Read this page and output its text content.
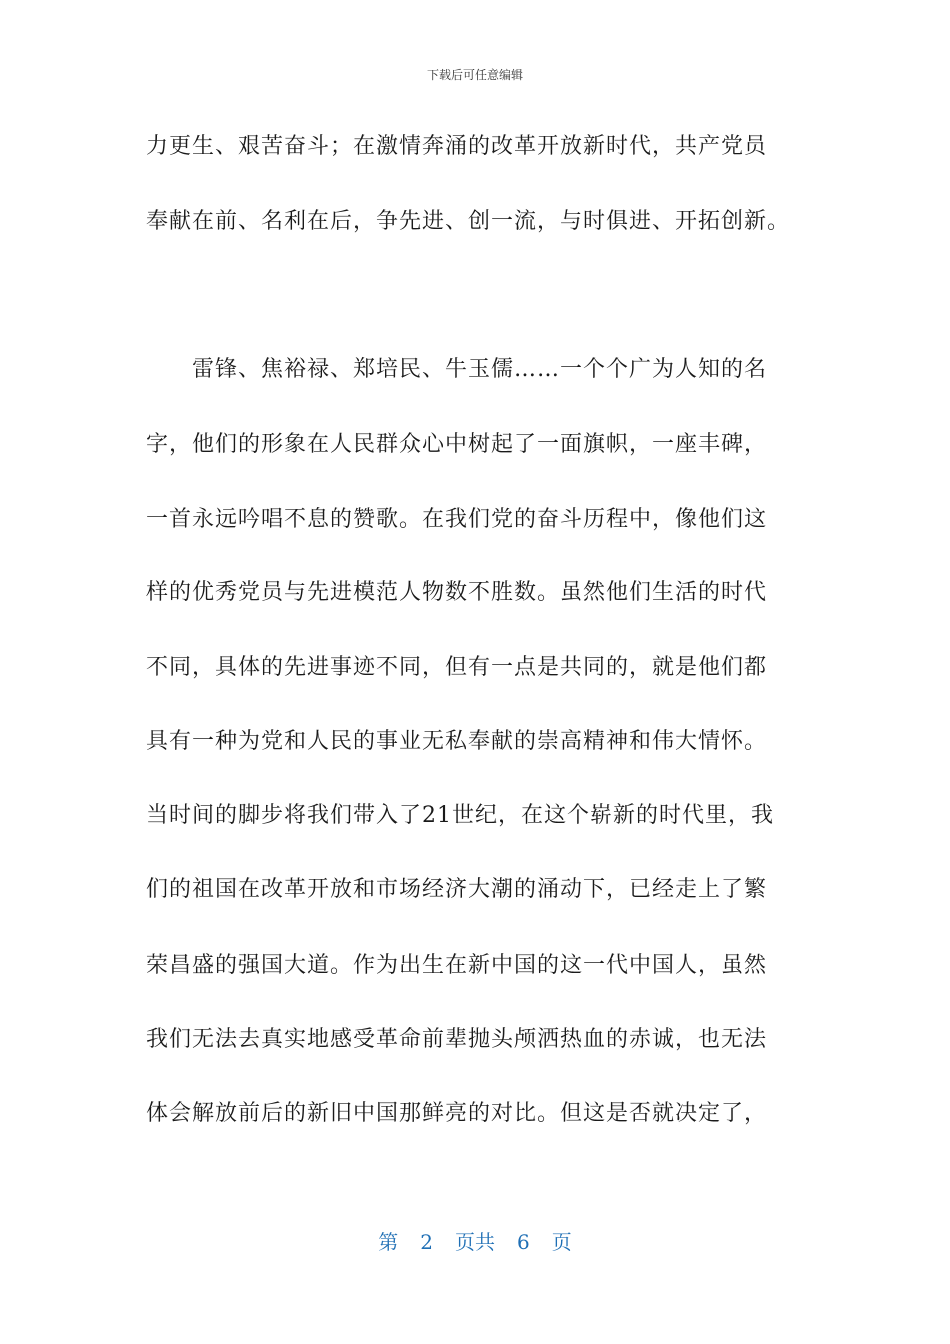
下载后可任意编辑
力更生、艰苦奋斗；在激情奔涌的改革开放新时代，共产党员
奉献在前、名利在后，争先进、创一流，与时俱进、开拓创新。
雷锋、焦裕禄、郑培民、牛玉儒……一个个广为人知的名
字，他们的形象在人民群众心中树起了一面旗帜，一座丰碑，
一首永远吟唱不息的赞歌。在我们党的奋斗历程中，像他们这
样的优秀党员与先进模范人物数不胜数。虽然他们生活的时代
不同，具体的先进事迹不同，但有一点是共同的，就是他们都
具有一种为党和人民的事业无私奉献的崇高精神和伟大情怀。
当时间的脚步将我们带入了21世纪，在这个崭新的时代里，我
们的祖国在改革开放和市场经济大潮的涌动下，已经走上了繁
荣昌盛的强国大道。作为出生在新中国的这一代中国人，虽然
我们无法去真实地感受革命前辈抛头颅洒热血的赤诚，也无法
体会解放前后的新旧中国那鲜亮的对比。但这是否就决定了，
第 2 页共 6 页
